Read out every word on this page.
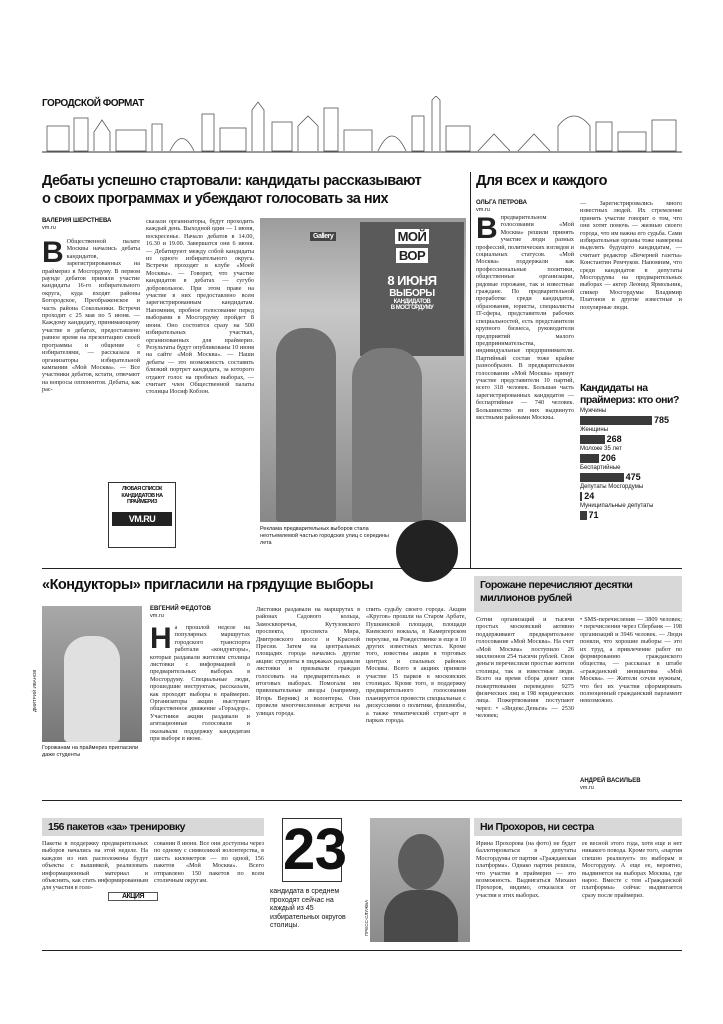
ГОРОДСКОЙ ФОРМАТ
Дебаты успешно стартовали: кандидаты рассказывают
о своих программах и убеждают голосовать за них
ВАЛЕРИЯ ШЕРСТНЕВА
vm.ru
В Общественной палате Москвы начались дебаты кандидатов, зарегистрированных на праймериз в Мосгордуму. В первом раунде дебатов приняли участие кандидаты 16-го избирательного округа, куда входят районы Богородское, Преображенское и часть района Сокольники. Встречи проходят с 25 мая по 5 июня. — Каждому кандидату, принимающему участие в дебатах, предоставлено равное время на презентацию своей программы и общение с избирателями, — рассказала в организаторы избирательной кампании «Мой Москва». — Все участники дебатов, кстати, отвечают на вопросы оппонентов. Дебаты, как рас-
сказали организаторы, будут проходить каждый день. Выходной один — 1 июня, воскресенье. Начало дебатов в 14.00, 16.30 и 19.00. Завершатся они 6 июня. — Дебатируют между собой кандидаты из одного избирательного округа. Встречи проходят в клубе «Моей Москвы». — Говорит, что участие кандидатов в дебатах — сугубо добровольное. При этом праве на участие в них предоставлено всем зарегистрированным кандидатам. Напомним, пробное голосование перед выборами в Мосгордуму пройдет 8 июня. Оно состоится сразу на 500 избирательных участках, организованных для праймериз. Результаты будут опубликованы 10 июня на сайте «Мой Москва». — Наши дебаты — это возможность составить близкий портрет кандидата, за которого отдают голос на пробных выборах, — считает член Общественной палаты столицы Иосиф Кобзон.
ЛЮБАЯ СПИСОК КАНДИДАТОВ НА ПРАЙМЕРИЗ
VM.RU
МОЙ
ВОР
8 ИЮНЯ
ВЫБОРЫ
КАНДИДАТОВ
В МОСГОРДУМУ
Gallery
Реклама предварительных выборов стала неотъемлемой частью городских улиц с середины лета
Для всех и каждого
ОЛЬГА ПЕТРОВА
vm.ru
В предварительном голосовании «Мой Москва» решили принять участие люди разных профессий, политических взглядов и социальных статусов. «Мой Москва» поддержали как профессиональные политики, общественные организации, рядовые горожане, так и известные граждане. По предварительной проработке среди кандидатов, образования, юристы, специалисты IT-сферы, представители рабочих специальностей, есть представители крупного бизнеса, руководители предприятий малого предпринимательства, индивидуальные предприниматели. Партийный состав тоже крайне разнообразен. В предварительном голосовании «Мой Москва» примут участие представители 10 партий, всего 318 человек. Большая часть зарегистрированных кандидатов — беспартийные — 740 человек. Большинство из них выдвинуто местными районами Москвы.
— Зарегистрировались много известных людей. Их стремление принять участие говорит о том, что они хотят помочь — жизнью своего города, что им важна его судьба. Сами избирательные органы тоже намерены выделять будущего кандидатам, — считает редактор «Вечерней газеты» Константин Ремчуков. Напомним, что среди кандидатов в депутаты Мосгордумы на предварительных выборах — актер Леонид Ярмольник, спикер Мосгордумы Владимир Платонов и другие известные и популярные люди.
Кандидаты на праймериз: кто они?
Мужчины
785
Женщины
268
Моложе 35 лет
206
Беспартийные
475
Депутаты Мосгордумы
24
Муниципальные депутаты
71
«Кондукторы» пригласили на грядущие выборы
ДМИТРИЙ ИВАНОВ
Горожанам на праймериз пригласили даже студенты
ЕВГЕНИЙ ФЕДОТОВ
vm.ru
Н а прошлой неделе на популярных маршрутах городского транспорта работали «кондукторы», которые раздавали жителям столицы листовки с информацией о предварительных выборах в Мосгордуму. Специальные люди, прошедшие инструктаж, рассказали, как проходят выборы в праймериз. Организаторы акции выступает общественное движение «Горзадор». Участники акции раздавали и агитационные голосовали и оказывали поддержку кандидатам при выборе в июне.
Листовки раздавали на маршрутах в районах Садового кольца, Замоскворечья, Кутузовского проспекта, проспекта Мира, Дмитровского шоссе и Красной Пресни. Затем на центральных площадях города начались другие акции: студенты в пиджаках раздавали листовки и призывали граждан голосовать на предварительных и итоговых выборах. Помогали им привлекательные звезды (например, Игорь Верник) и волонтеры. Они провели многочисленные встречи на улицах города.
спить судьбу своего города. Акции «Кругов» прошли на Старом Арбате, Пушкинской площади, площади Киевского вокзала, в Камергерском переулке, на Рождественке и еще в 10 других известных местах. Кроме того, известны акции в торговых центрах и спальных районах Москвы. Всего в акциях приняли участие 15 парков в московских столицах. Кроме того, в поддержку предварительного голосования планируется провести специальные с дискуссиями о политике, флешмобы, а также тематический стрит-арт в парках города.
Горожане перечисляют десятки миллионов рублей
Сотни организаций и тысячи простых московский активно поддерживают предварительное голосование «Мой Москва». На счет «Мой Москва» поступило 26 миллионов 254 тысячи рублей. Свои деньги перечислили простые жители столицы, так и известные люди. Всего на время сбора денег свои пожертвования переведено 9275 физических лиц и 198 юридических лица. Пожертвования поступают через: • «Яндекс.Деньги» — 2530 человек;
• SMS-перечисления — 3809 человек; • перечисления через Сбербанк — 198 организаций и 3946 человек. — Люди поняли, что хорошие выборы — это их труд, а привлечение работ по формированию гражданского общества, — рассказал в штабе «гражданский инициатива «Мой Москва». — Жители сочли нужным, что без их участия сформировать полноценный гражданский парламент невозможно.
АНДРЕЙ ВАСИЛЬЕВ
vm.ru
156 пакетов «за» тренировку
Пакеты в поддержку предварительных выборов начались на этой неделе. На каждом из них расположены будут объекты с вышивкой, реализовать информационный материал и объяснить, как стать информированным для участия в голо-
совании 8 июня. Все они доступны через по одному с символикой волонтерства, в шесть километров — по одной, 156 пакетов «Мой Москва». Всего отправлено 150 пакетов по всем столичным округам.
АКЦИЯ
23
кандидата в среднем проходят сейчас на каждый из 45 избирательных округов столицы.	ПРЕСС-СЛУЖБА
Ни Прохоров, ни сестра
Ирина Прохорова (на фото) не будет баллотироваться в депутаты Мосгордумы от партии «Гражданская платформа». Однако партия решила, что участие в праймериз — это возможность. Выдвигаться Михаил Прохоров, видимо, отказался от участия в этих выборах.
ее весной этого года, хотя еще и нет никакого повода. Кроме того, «партия спешно реализует» по выборам в Мосгордуму. А еще ее, вероятно, выдвинется на выборах Москвы, где нарос. Вместе с тем «Гражданской платформы» сейчас выдвигается сразу после праймериз.
